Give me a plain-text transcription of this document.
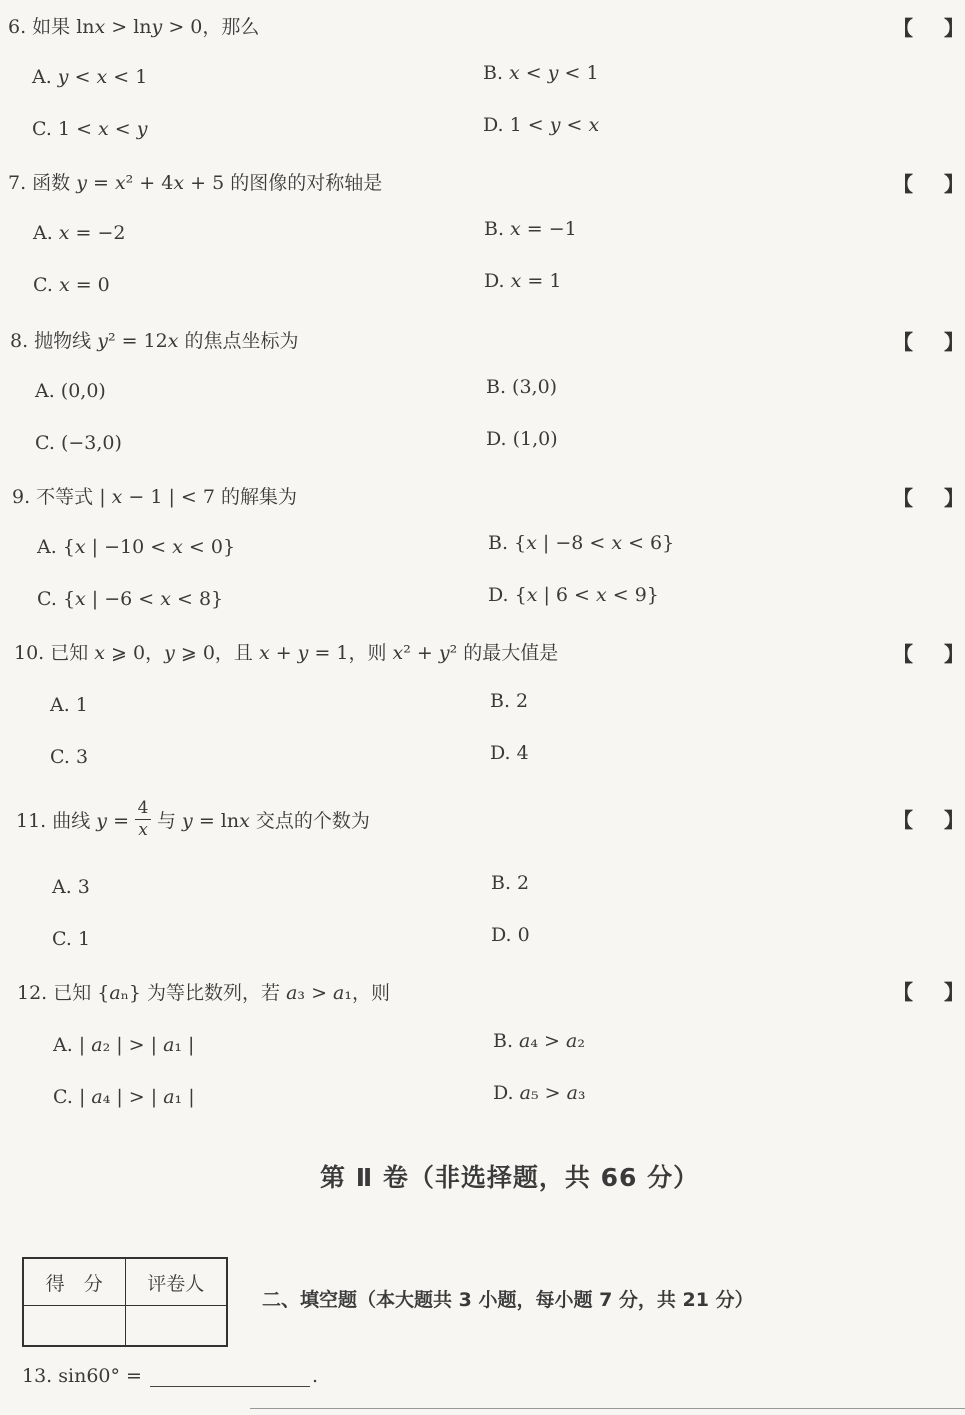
6. 如果 ln𝑥 > ln𝑦 > 0，那么	【 】
A. 𝑦 < 𝑥 < 1	B. 𝑥 < 𝑦 < 1
C. 1 < 𝑥 < 𝑦	D. 1 < 𝑦 < 𝑥
7. 函数 𝑦 = 𝑥² + 4𝑥 + 5 的图像的对称轴是	【 】
A. 𝑥 = −2	B. 𝑥 = −1
C. 𝑥 = 0	D. 𝑥 = 1
8. 抛物线 𝑦² = 12𝑥 的焦点坐标为	【 】
A. (0,0)	B. (3,0)
C. (−3,0)	D. (1,0)
9. 不等式 | 𝑥 − 1 | < 7 的解集为	【 】
A. {𝑥 | −10 < 𝑥 < 0}	B. {𝑥 | −8 < 𝑥 < 6}
C. {𝑥 | −6 < 𝑥 < 8}	D. {𝑥 | 6 < 𝑥 < 9}
10. 已知 𝑥 ⩾ 0，𝑦 ⩾ 0，且 𝑥 + 𝑦 = 1，则 𝑥² + 𝑦² 的最大值是	【 】
A. 1	B. 2
C. 3	D. 4
11. 曲线 𝑦 =
4
𝑥 与 𝑦 = ln𝑥 交点的个数为	【 】
A. 3	B. 2
C. 1	D. 0
12. 已知 {𝑎ₙ} 为等比数列，若 𝑎₃ > 𝑎₁，则	【 】
A. | 𝑎₂ | > | 𝑎₁ |	B. 𝑎₄ > 𝑎₂
C. | 𝑎₄ | > | 𝑎₁ |	D. 𝑎₅ > 𝑎₃
第 Ⅱ 卷（非选择题，共 66 分）
得　分	评卷人

二、填空题（本大题共 3 小题，每小题 7 分，共 21 分）
13. sin60° =	.
